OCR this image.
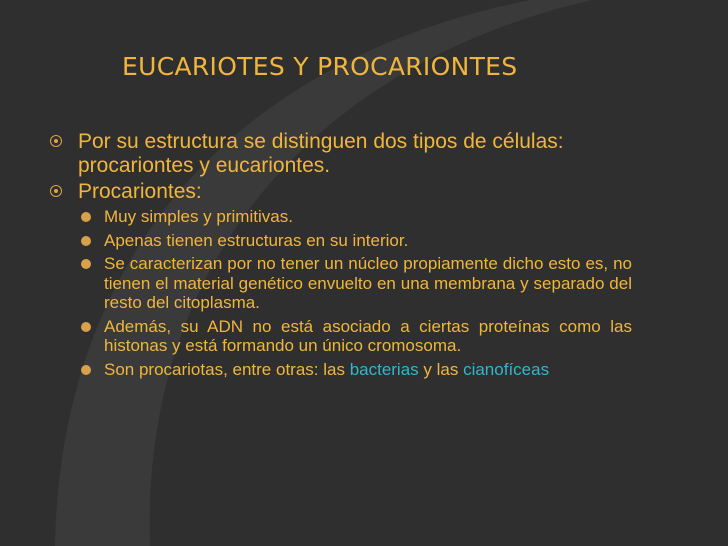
EUCARIOTES Y PROCARIONTES

Por su estructura se distinguen dos tipos de células: procariontes y eucariontes.

Procariontes:

Muy simples y primitivas.

Apenas tienen estructuras en su interior.

Se caracterizan por no tener un núcleo propiamente dicho esto es, no tienen el material genético envuelto en una membrana y separado del resto del citoplasma.

Además, su ADN no está asociado a ciertas proteínas como las histonas y está formando un único cromosoma.

Son procariotas, entre otras: las bacterias y las cianofíceas
